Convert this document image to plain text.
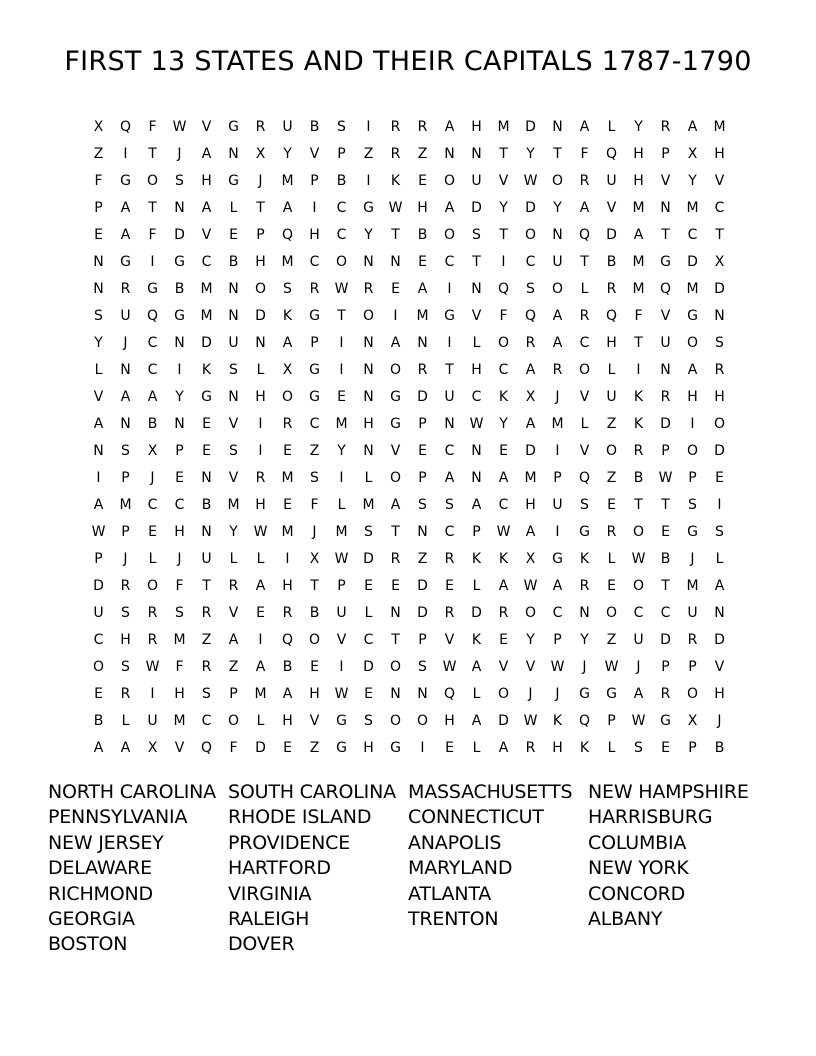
FIRST 13 STATES AND THEIR CAPITALS 1787-1790
X	Q	F	W	V	G	R	U	B	S	I	R	R	A	H	M	D	N	A	L	Y	R	A	M
Z	I	T	J	A	N	X	Y	V	P	Z	R	Z	N	N	T	Y	T	F	Q	H	P	X	H
F	G	O	S	H	G	J	M	P	B	I	K	E	O	U	V	W	O	R	U	H	V	Y	V
P	A	T	N	A	L	T	A	I	C	G	W	H	A	D	Y	D	Y	A	V	M	N	M	C
E	A	F	D	V	E	P	Q	H	C	Y	T	B	O	S	T	O	N	Q	D	A	T	C	T
N	G	I	G	C	B	H	M	C	O	N	N	E	C	T	I	C	U	T	B	M	G	D	X
N	R	G	B	M	N	O	S	R	W	R	E	A	I	N	Q	S	O	L	R	M	Q	M	D
S	U	Q	G	M	N	D	K	G	T	O	I	M	G	V	F	Q	A	R	Q	F	V	G	N
Y	J	C	N	D	U	N	A	P	I	N	A	N	I	L	O	R	A	C	H	T	U	O	S
L	N	C	I	K	S	L	X	G	I	N	O	R	T	H	C	A	R	O	L	I	N	A	R
V	A	A	Y	G	N	H	O	G	E	N	G	D	U	C	K	X	J	V	U	K	R	H	H
A	N	B	N	E	V	I	R	C	M	H	G	P	N	W	Y	A	M	L	Z	K	D	I	O
N	S	X	P	E	S	I	E	Z	Y	N	V	E	C	N	E	D	I	V	O	R	P	O	D
I	P	J	E	N	V	R	M	S	I	L	O	P	A	N	A	M	P	Q	Z	B	W	P	E
A	M	C	C	B	M	H	E	F	L	M	A	S	S	A	C	H	U	S	E	T	T	S	I
W	P	E	H	N	Y	W	M	J	M	S	T	N	C	P	W	A	I	G	R	O	E	G	S
P	J	L	J	U	L	L	I	X	W	D	R	Z	R	K	K	X	G	K	L	W	B	J	L
D	R	O	F	T	R	A	H	T	P	E	E	D	E	L	A	W	A	R	E	O	T	M	A
U	S	R	S	R	V	E	R	B	U	L	N	D	R	D	R	O	C	N	O	C	C	U	N
C	H	R	M	Z	A	I	Q	O	V	C	T	P	V	K	E	Y	P	Y	Z	U	D	R	D
O	S	W	F	R	Z	A	B	E	I	D	O	S	W	A	V	V	W	J	W	J	P	P	V
E	R	I	H	S	P	M	A	H	W	E	N	N	Q	L	O	J	J	G	G	A	R	O	H
B	L	U	M	C	O	L	H	V	G	S	O	O	H	A	D	W	K	Q	P	W	G	X	J
A	A	X	V	Q	F	D	E	Z	G	H	G	I	E	L	A	R	H	K	L	S	E	P	B
NORTH CAROLINA
PENNSYLVANIA
NEW JERSEY
DELAWARE
RICHMOND
GEORGIA
BOSTON
SOUTH CAROLINA
RHODE ISLAND
PROVIDENCE
HARTFORD
VIRGINIA
RALEIGH
DOVER
MASSACHUSETTS
CONNECTICUT
ANAPOLIS
MARYLAND
ATLANTA
TRENTON
NEW HAMPSHIRE
HARRISBURG
COLUMBIA
NEW YORK
CONCORD
ALBANY
